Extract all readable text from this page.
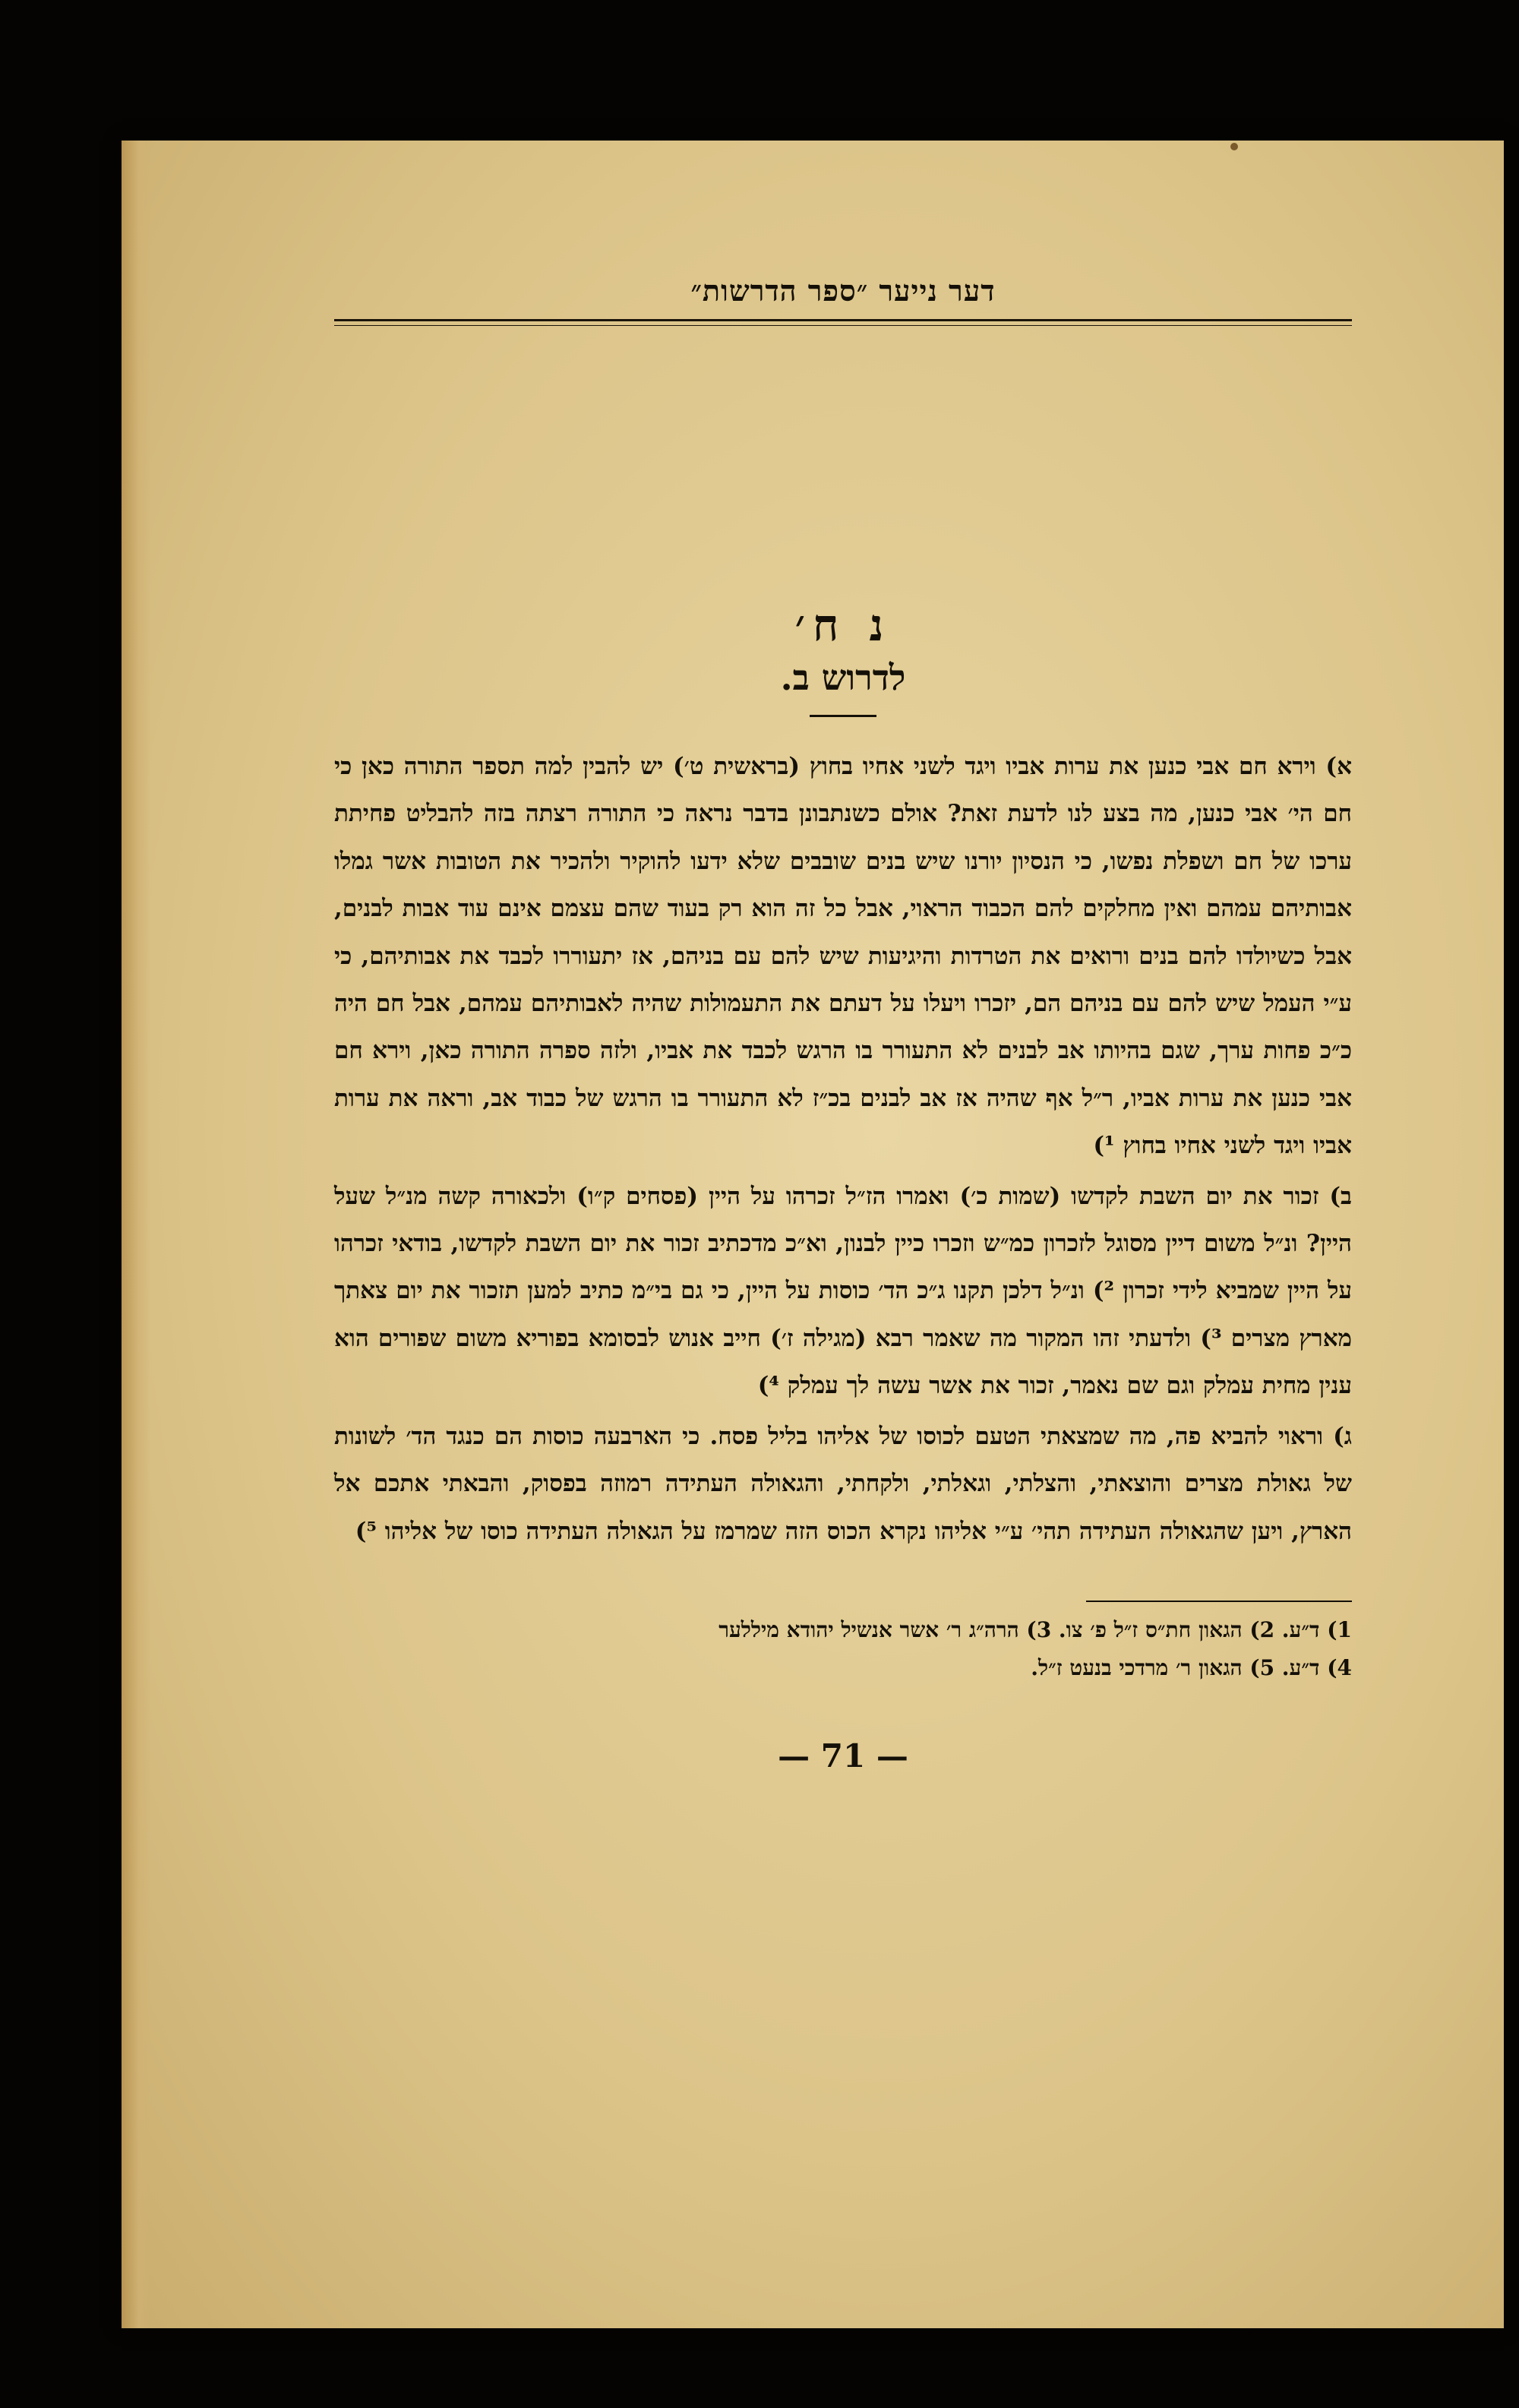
דער נייער ״ספר הדרשות״
נ ח׳
לדרוש ב.

א) וירא חם אבי כנען את ערות אביו ויגד לשני אחיו בחוץ (בראשית ט׳) יש להבין למה תספר התורה כאן כי חם הי׳ אבי כנען, מה בצע לנו לדעת זאת? אולם כשנתבונן בדבר נראה כי התורה רצתה בזה להבליט פחיתת ערכו של חם ושפלת נפשו, כי הנסיון יורנו שיש בנים שובבים שלא ידעו להוקיר ולהכיר את הטובות אשר גמלו אבותיהם עמהם ואין מחלקים להם הכבוד הראוי, אבל כל זה הוא רק בעוד שהם עצמם אינם עוד אבות לבנים, אבל כשיולדו להם בנים ורואים את הטרדות והיגיעות שיש להם עם בניהם, אז יתעוררו לכבד את אבותיהם, כי ע״י העמל שיש להם עם בניהם הם, יזכרו ויעלו על דעתם את התעמולות שהיה לאבותיהם עמהם, אבל חם היה כ״כ פחות ערך, שגם בהיותו אב לבנים לא התעורר בו הרגש לכבד את אביו, ולזה ספרה התורה כאן, וירא חם אבי כנען את ערות אביו, ר״ל אף שהיה אז אב לבנים בכ״ז לא התעורר בו הרגש של כבוד אב, וראה את ערות אביו ויגד לשני אחיו בחוץ ¹)

ב) זכור את יום השבת לקדשו (שמות כ׳) ואמרו הז״ל זכרהו על היין (פסחים ק״ו) ולכאורה קשה מנ״ל שעל היין? ונ״ל משום דיין מסוגל לזכרון כמ״ש וזכרו כיין לבנון, וא״כ מדכתיב זכור את יום השבת לקדשו, בודאי זכרהו על היין שמביא לידי זכרון ²) ונ״ל דלכן תקנו ג״כ הד׳ כוסות על היין, כי גם בי״מ כתיב למען תזכור את יום צאתך מארץ מצרים ³) ולדעתי זהו המקור מה שאמר רבא (מגילה ז׳) חייב אנוש לבסומא בפוריא משום שפורים הוא ענין מחית עמלק וגם שם נאמר, זכור את אשר עשה לך עמלק ⁴)

ג) וראוי להביא פה, מה שמצאתי הטעם לכוסו של אליהו בליל פסח. כי הארבעה כוסות הם כנגד הד׳ לשונות של גאולת מצרים והוצאתי, והצלתי, וגאלתי, ולקחתי, והגאולה העתידה רמוזה בפסוק, והבאתי אתכם אל הארץ, ויען שהגאולה העתידה תהי׳ ע״י אליהו נקרא הכוס הזה שמרמז על הגאולה העתידה כוסו של אליהו ⁵)

1) ד״ע. 2) הגאון חת״ס ז״ל פ׳ צו. 3) הרה״ג ר׳ אשר אנשיל יהודא מיללער

4) ד״ע. 5) הגאון ר׳ מרדכי בנעט ז״ל.

— 71 —
